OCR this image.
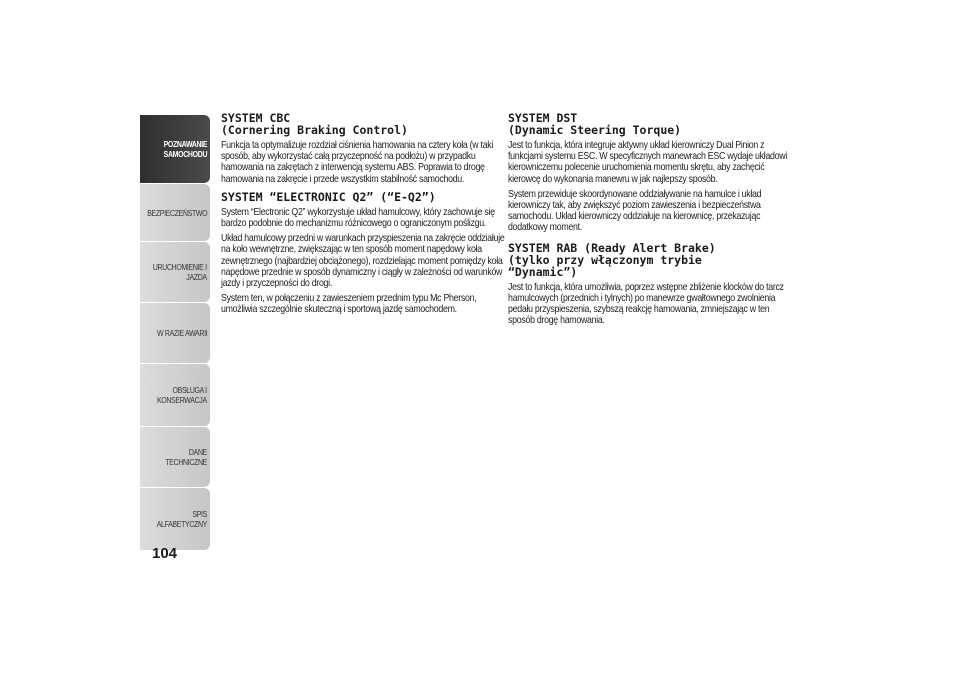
POZNAWANIE
SAMOCHODU
BEZPIECZEŃSTWO
URUCHOMIENIE I
JAZDA
W RAZIE AWARII
OBSŁUGA I
KONSERWACJA
DANE TECHNICZNE
SPIS ALFABETYCZNY
104
SYSTEM CBC
(Cornering Braking Control)

Funkcja ta optymalizuje rozdział ciśnienia hamowania na cztery koła (w taki sposób, aby wykorzystać całą przyczepność na podłożu) w przypadku hamowania na zakrętach z interwencją systemu ABS. Poprawia to drogę hamowania na zakręcie i przede wszystkim stabilność samochodu.

SYSTEM “ELECTRONIC Q2” (“E-Q2”)

System “Electronic Q2” wykorzystuje układ hamulcowy, który zachowuje się bardzo podobnie do mechanizmu różnicowego o ograniczonym poślizgu.

Układ hamulcowy przedni w warunkach przyspieszenia na zakręcie oddziałuje na koło wewnętrzne, zwiększając w ten sposób moment napędowy koła zewnętrznego (najbardziej obciążonego), rozdzielając moment pomiędzy koła napędowe przednie w sposób dynamiczny i ciągły w zależności od warunków jazdy i przyczepności do drogi.

System ten, w połączeniu z zawieszeniem przednim typu Mc Pherson, umożliwia szczególnie skuteczną i sportową jazdę samochodem.

SYSTEM DST
(Dynamic Steering Torque)

Jest to funkcja, która integruje aktywny układ kierowniczy Dual Pinion z funkcjami systemu ESC. W specyficznych manewrach ESC wydaje układowi kierowniczemu polecenie uruchomienia momentu skrętu, aby zachęcić kierowcę do wykonania manewru w jak najlepszy sposób.

System przewiduje skoordynowane oddziaływanie na hamulce i układ kierowniczy tak, aby zwiększyć poziom zawieszenia i bezpieczeństwa samochodu. Układ kierowniczy oddziałuje na kierownicę, przekazując dodatkowy moment.

SYSTEM RAB (Ready Alert Brake)
(tylko przy włączonym trybie
“Dynamic”)

Jest to funkcja, która umożliwia, poprzez wstępne zbliżenie klocków do tarcz hamulcowych (przednich i tylnych) po manewrze gwałtownego zwolnienia pedału przyspieszenia, szybszą reakcję hamowania, zmniejszając w ten sposób drogę hamowania.
